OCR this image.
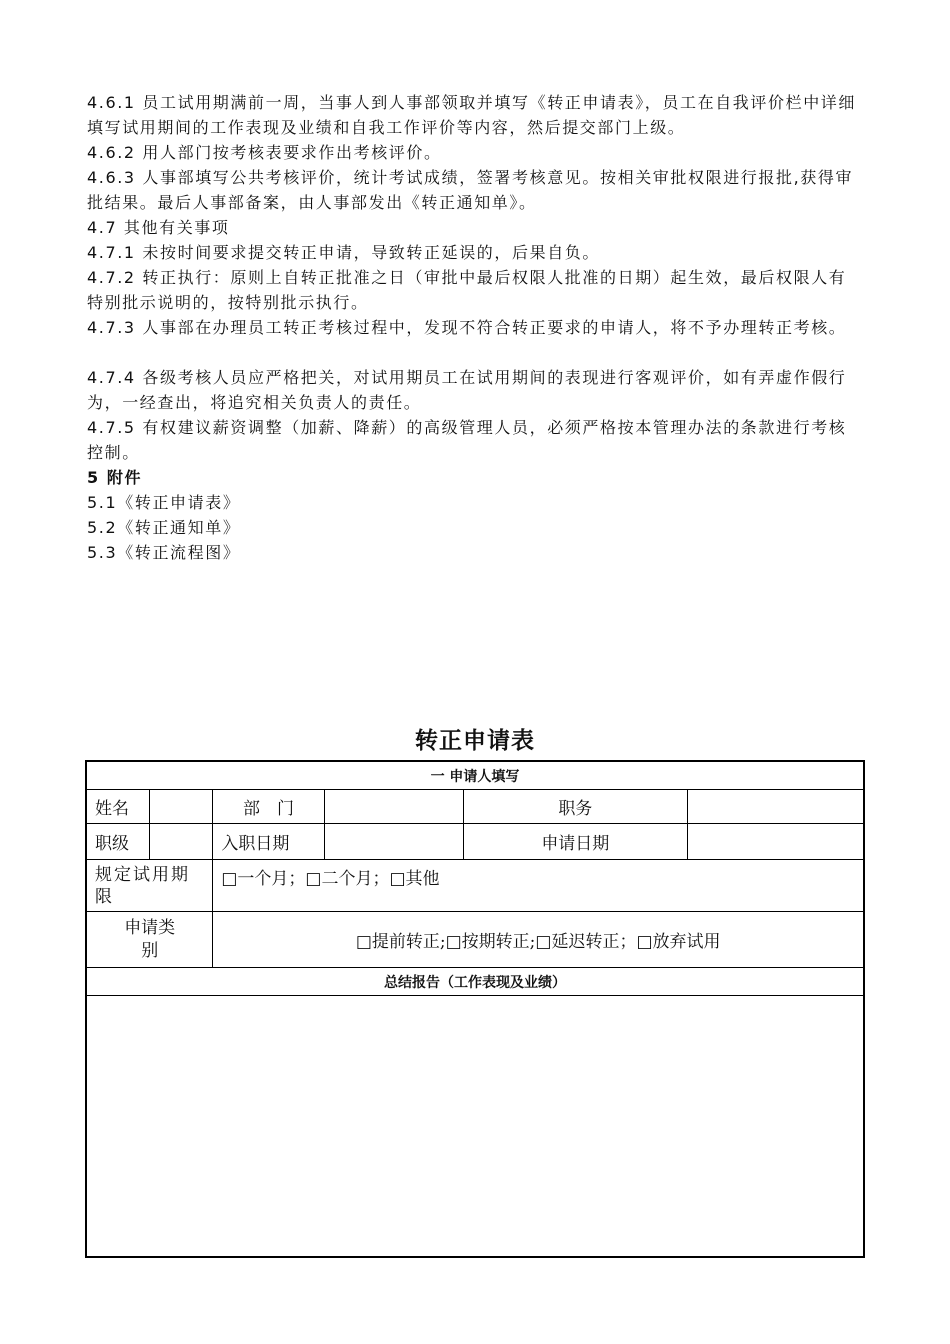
4.6.1 员工试用期满前一周，当事人到人事部领取并填写《转正申请表》，员工在自我评价栏中详细填写试用期间的工作表现及业绩和自我工作评价等内容，然后提交部门上级。
4.6.2 用人部门按考核表要求作出考核评价。
4.6.3 人事部填写公共考核评价，统计考试成绩，签署考核意见。按相关审批权限进行报批,获得审批结果。最后人事部备案，由人事部发出《转正通知单》。
4.7 其他有关事项
4.7.1 未按时间要求提交转正申请，导致转正延误的，后果自负。
4.7.2 转正执行：原则上自转正批准之日（审批中最后权限人批准的日期）起生效，最后权限人有特别批示说明的，按特别批示执行。
4.7.3 人事部在办理员工转正考核过程中，发现不符合转正要求的申请人，将不予办理转正考核。
4.7.4 各级考核人员应严格把关，对试用期员工在试用期间的表现进行客观评价，如有弄虚作假行为，一经查出，将追究相关负责人的责任。
4.7.5 有权建议薪资调整（加薪、降薪）的高级管理人员，必须严格按本管理办法的条款进行考核控制。
5 附件
5.1《转正申请表》
5.2《转正通知单》
5.3《转正流程图》
转正申请表
一 申请人填写					
姓名		部　门		职务	
职级		入职日期		申请日期	
规定试用期限		□一个月；□二个月；□其他			
申请类别		□提前转正;□按期转正;□延迟转正；□放弃试用			
总结报告（工作表现及业绩）					
